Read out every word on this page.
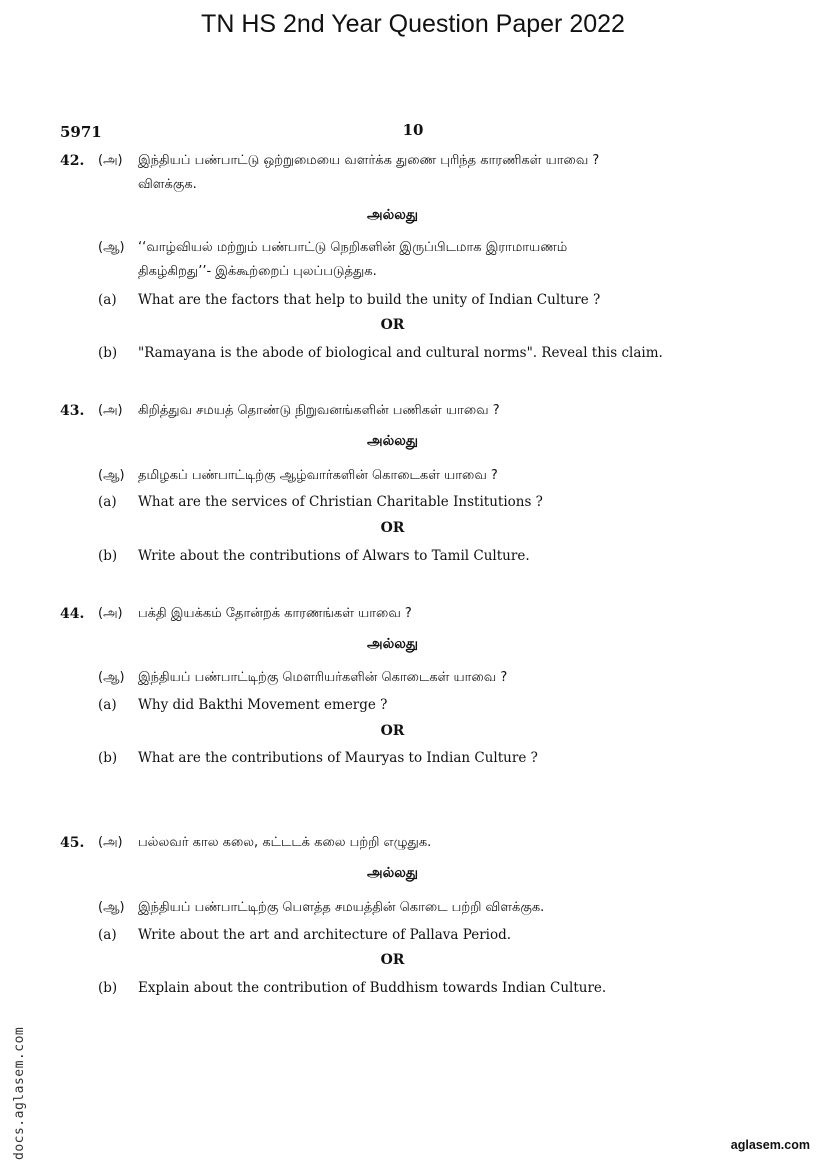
TN HS 2nd Year Question Paper 2022
5971	10
42. (அ) இந்தியப் பண்பாட்டு ஒற்றுமையை வளர்க்க துணை புரிந்த காரணிகள் யாவை ?
விளக்குக.
அல்லது
(ஆ) ‘‘வாழ்வியல் மற்றும் பண்பாட்டு நெறிகளின் இருப்பிடமாக இராமாயணம்
திகழ்கிறது’’- இக்கூற்றைப் புலப்படுத்துக.
(a) What are the factors that help to build the unity of Indian Culture ?
OR
(b) "Ramayana is the abode of biological and cultural norms". Reveal this claim.
43. (அ) கிறித்துவ சமயத் தொண்டு நிறுவனங்களின் பணிகள் யாவை ?
அல்லது
(ஆ) தமிழகப் பண்பாட்டிற்கு ஆழ்வார்களின் கொடைகள் யாவை ?
(a) What are the services of Christian Charitable Institutions ?
OR
(b) Write about the contributions of Alwars to Tamil Culture.
44. (அ) பக்தி இயக்கம் தோன்றக் காரணங்கள் யாவை ?
அல்லது
(ஆ) இந்தியப் பண்பாட்டிற்கு மௌரியர்களின் கொடைகள் யாவை ?
(a) Why did Bakthi Movement emerge ?
OR
(b) What are the contributions of Mauryas to Indian Culture ?
45. (அ) பல்லவர் கால கலை, கட்டடக் கலை பற்றி எழுதுக.
அல்லது
(ஆ) இந்தியப் பண்பாட்டிற்கு பௌத்த சமயத்தின் கொடை பற்றி விளக்குக.
(a) Write about the art and architecture of Pallava Period.
OR
(b) Explain about the contribution of Buddhism towards Indian Culture.
docs.aglasem.com	aglasem.com
